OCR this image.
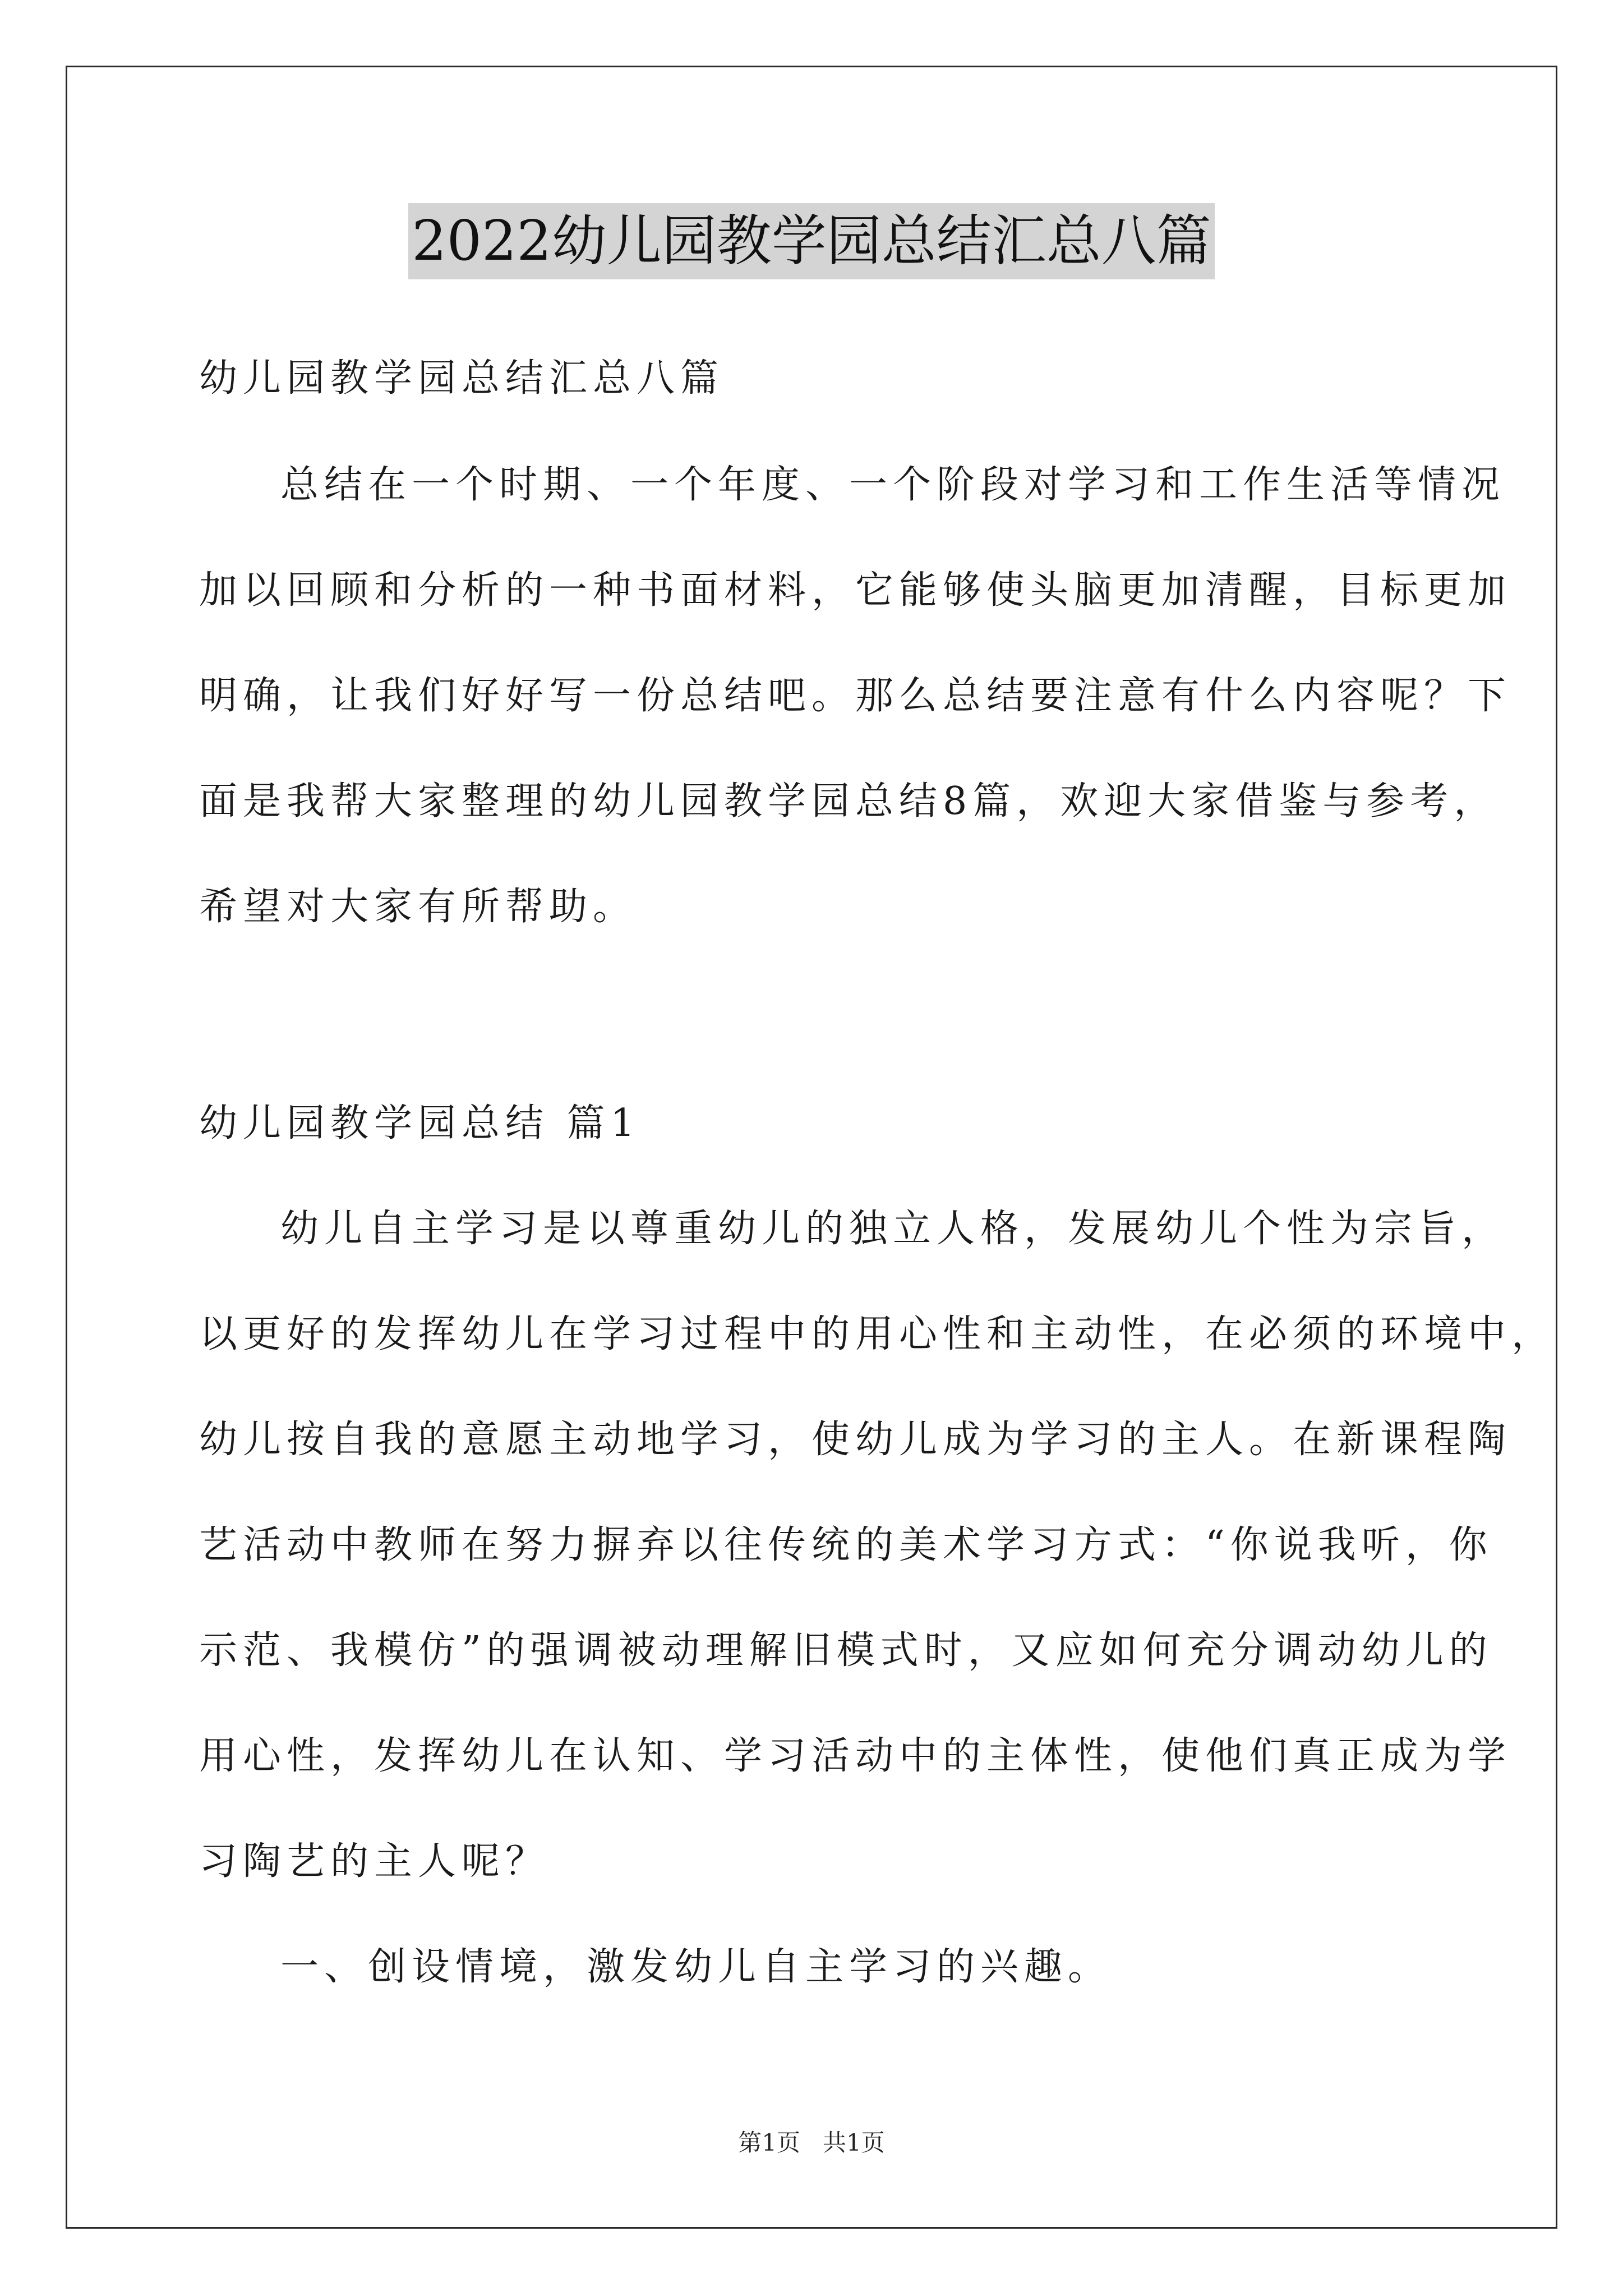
2022幼儿园教学园总结汇总八篇
幼儿园教学园总结汇总八篇
总结在一个时期、一个年度、一个阶段对学习和工作生活等情况
加以回顾和分析的一种书面材料，它能够使头脑更加清醒，目标更加
明确，让我们好好写一份总结吧。那么总结要注意有什么内容呢？下
面是我帮大家整理的幼儿园教学园总结8篇，欢迎大家借鉴与参考，
希望对大家有所帮助。
幼儿园教学园总结 篇1
幼儿自主学习是以尊重幼儿的独立人格，发展幼儿个性为宗旨，
以更好的发挥幼儿在学习过程中的用心性和主动性，在必须的环境中，
幼儿按自我的意愿主动地学习，使幼儿成为学习的主人。在新课程陶
艺活动中教师在努力摒弃以往传统的美术学习方式：“你说我听，你
示范、我模仿”的强调被动理解旧模式时，又应如何充分调动幼儿的
用心性，发挥幼儿在认知、学习活动中的主体性，使他们真正成为学
习陶艺的主人呢？
一、创设情境，激发幼儿自主学习的兴趣。
第1页   共1页
